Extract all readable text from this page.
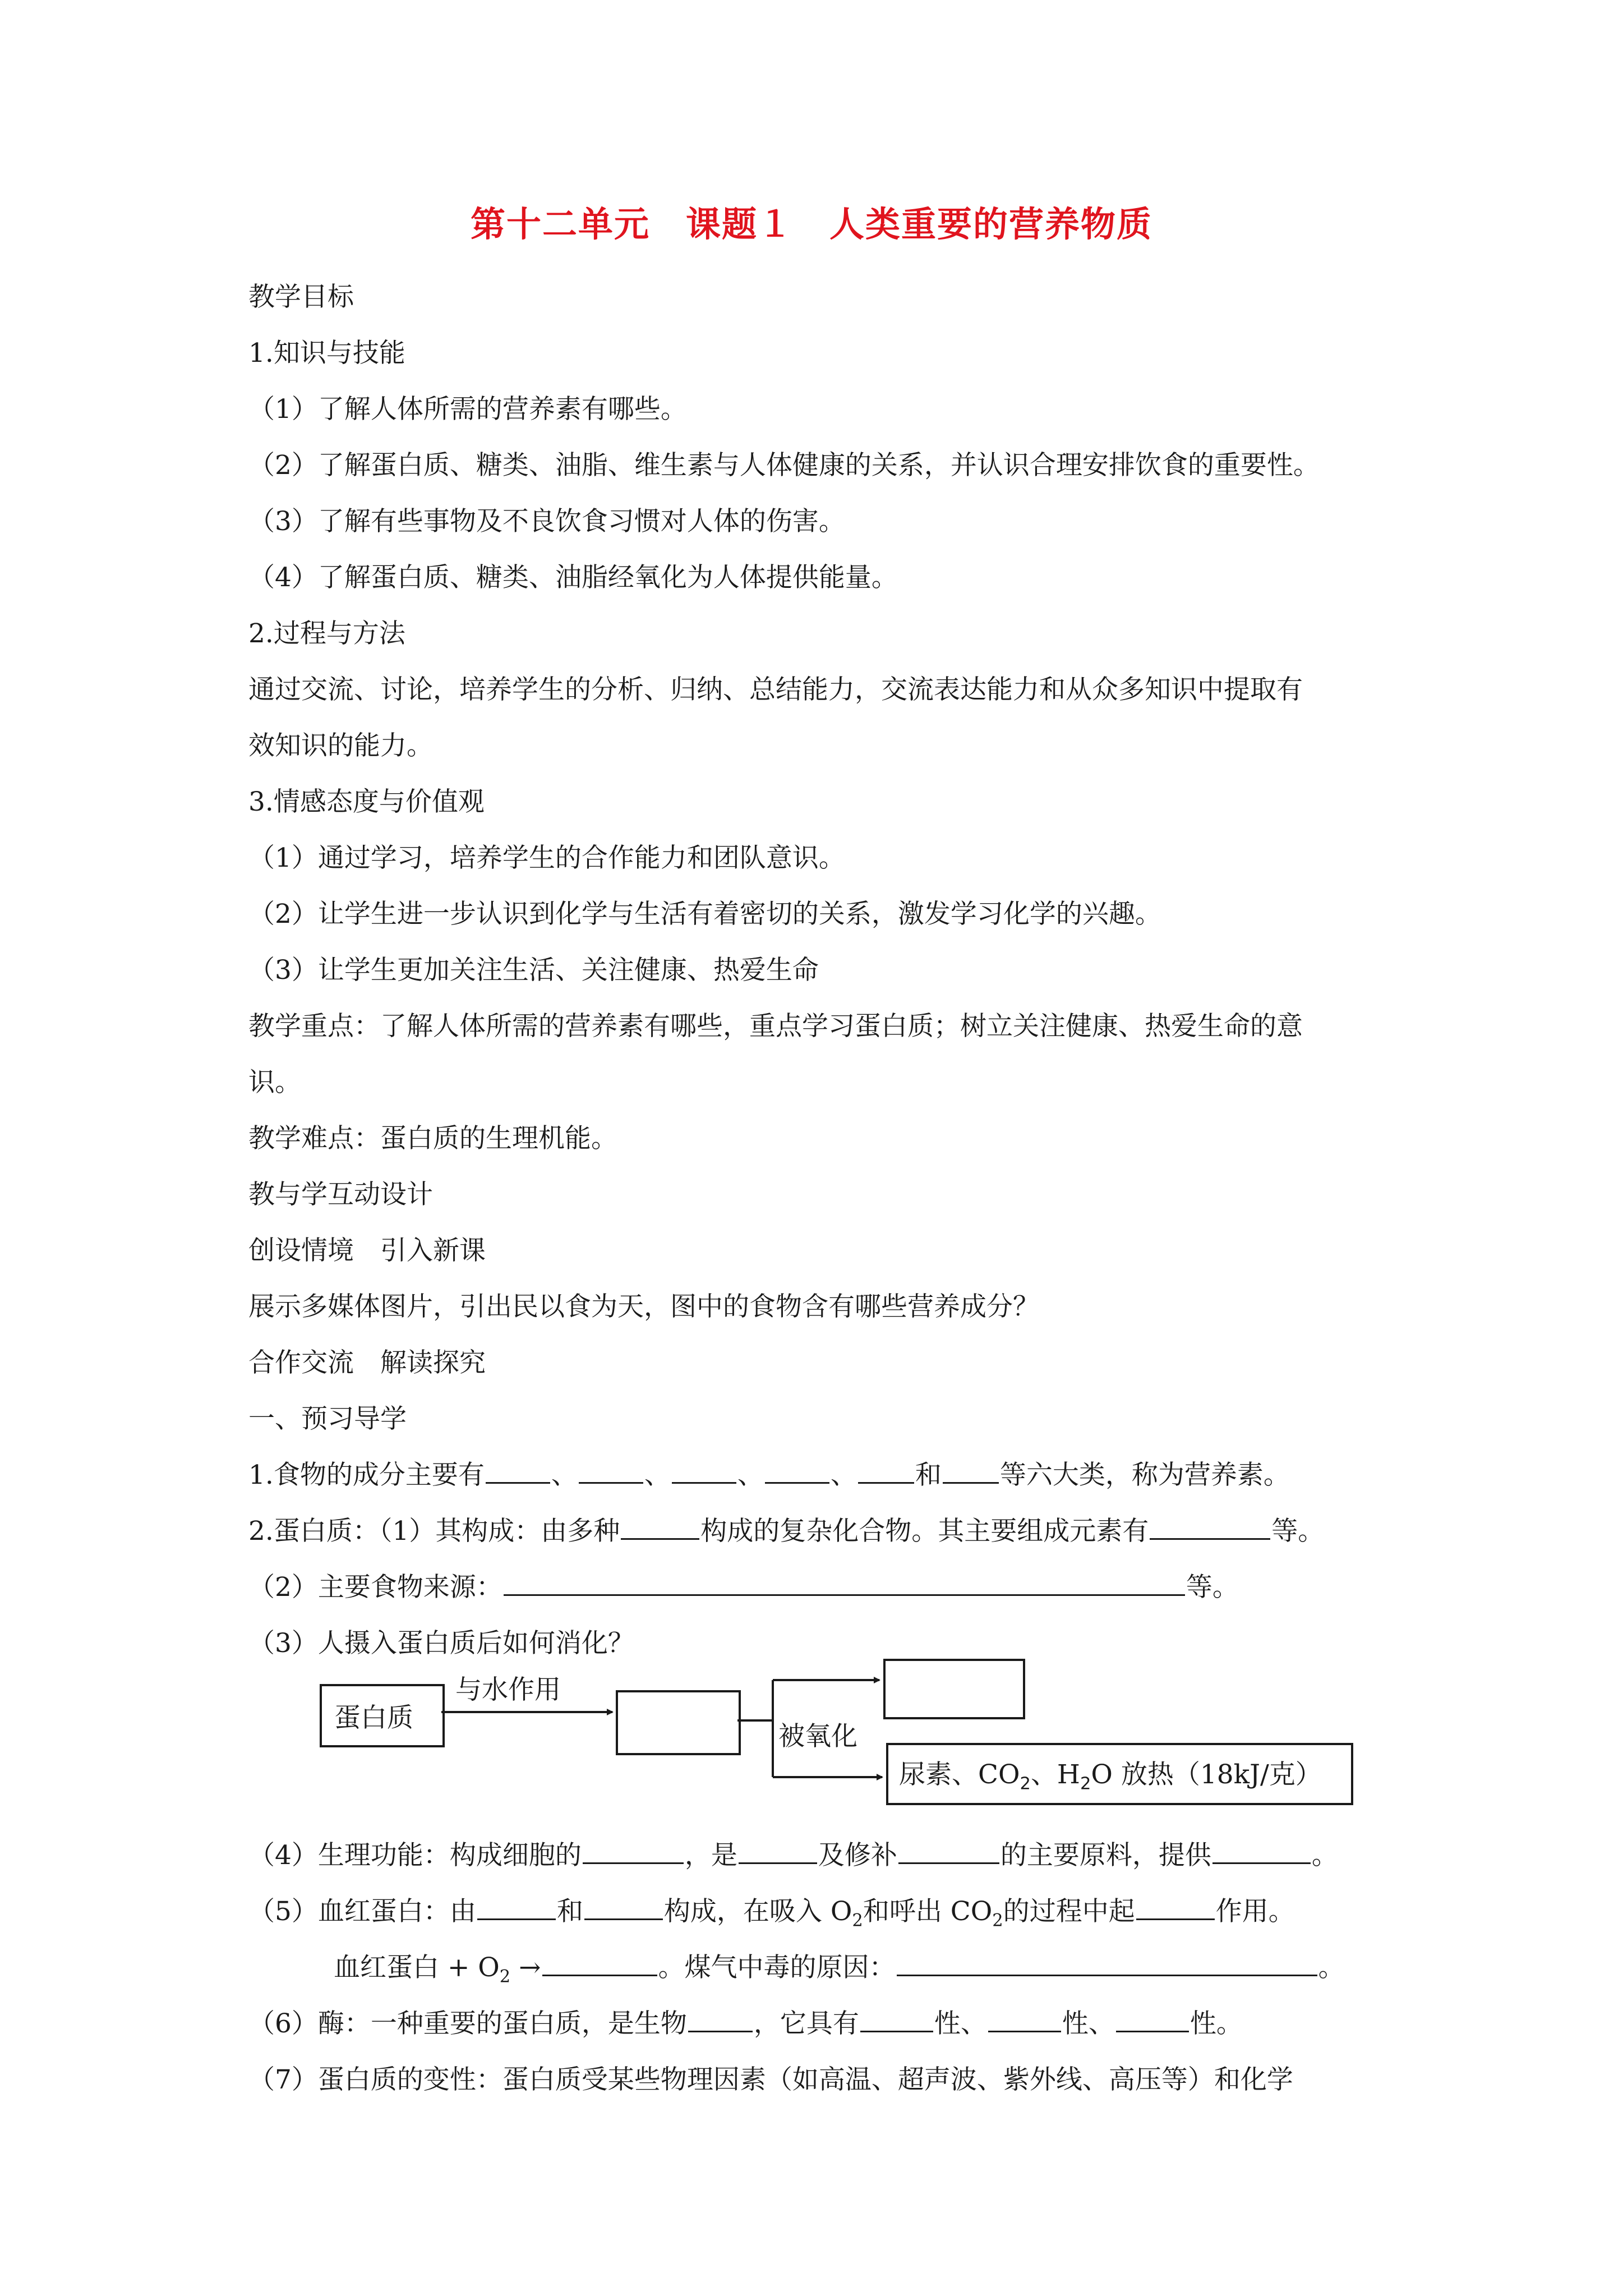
第十二单元　课题１　人类重要的营养物质
教学目标
1.知识与技能
（1）了解人体所需的营养素有哪些。
（2）了解蛋白质、糖类、油脂、维生素与人体健康的关系，并认识合理安排饮食的重要性。
（3）了解有些事物及不良饮食习惯对人体的伤害。
（4）了解蛋白质、糖类、油脂经氧化为人体提供能量。
2.过程与方法
通过交流、讨论，培养学生的分析、归纳、总结能力，交流表达能力和从众多知识中提取有
效知识的能力。
3.情感态度与价值观
（1）通过学习，培养学生的合作能力和团队意识。
（2）让学生进一步认识到化学与生活有着密切的关系，激发学习化学的兴趣。
（3）让学生更加关注生活、关注健康、热爱生命
教学重点：了解人体所需的营养素有哪些，重点学习蛋白质；树立关注健康、热爱生命的意
识。
教学难点：蛋白质的生理机能。
教与学互动设计
创设情境　引入新课
展示多媒体图片，引出民以食为天，图中的食物含有哪些营养成分？
合作交流　解读探究
一、预习导学
1.食物的成分主要有	、	、	、	、 和 等六大类，称为营养素。
2.蛋白质：（1）其构成：由多种	构成的复杂化合物。其主要组成元素有	等。
（2）主要食物来源：	等。
（3）人摄入蛋白质后如何消化？
蛋白质
与水作用
被氧化
尿素、$CO_2$、$H_2O$ 放热（18kJ/克）
（4）生理功能：构成细胞的	，是	及修补	的主要原料，提供	。
（5）血红蛋白：由	和	构成，在吸入 $O_2$和呼出 $CO_2$的过程中起	作用。
血红蛋白 + $O_2$ →	。煤气中毒的原因：	。
（6）酶：一种重要的蛋白质，是生物	，它具有	性、	性、	性。
（7）蛋白质的变性：蛋白质受某些物理因素（如高温、超声波、紫外线、高压等）和化学
